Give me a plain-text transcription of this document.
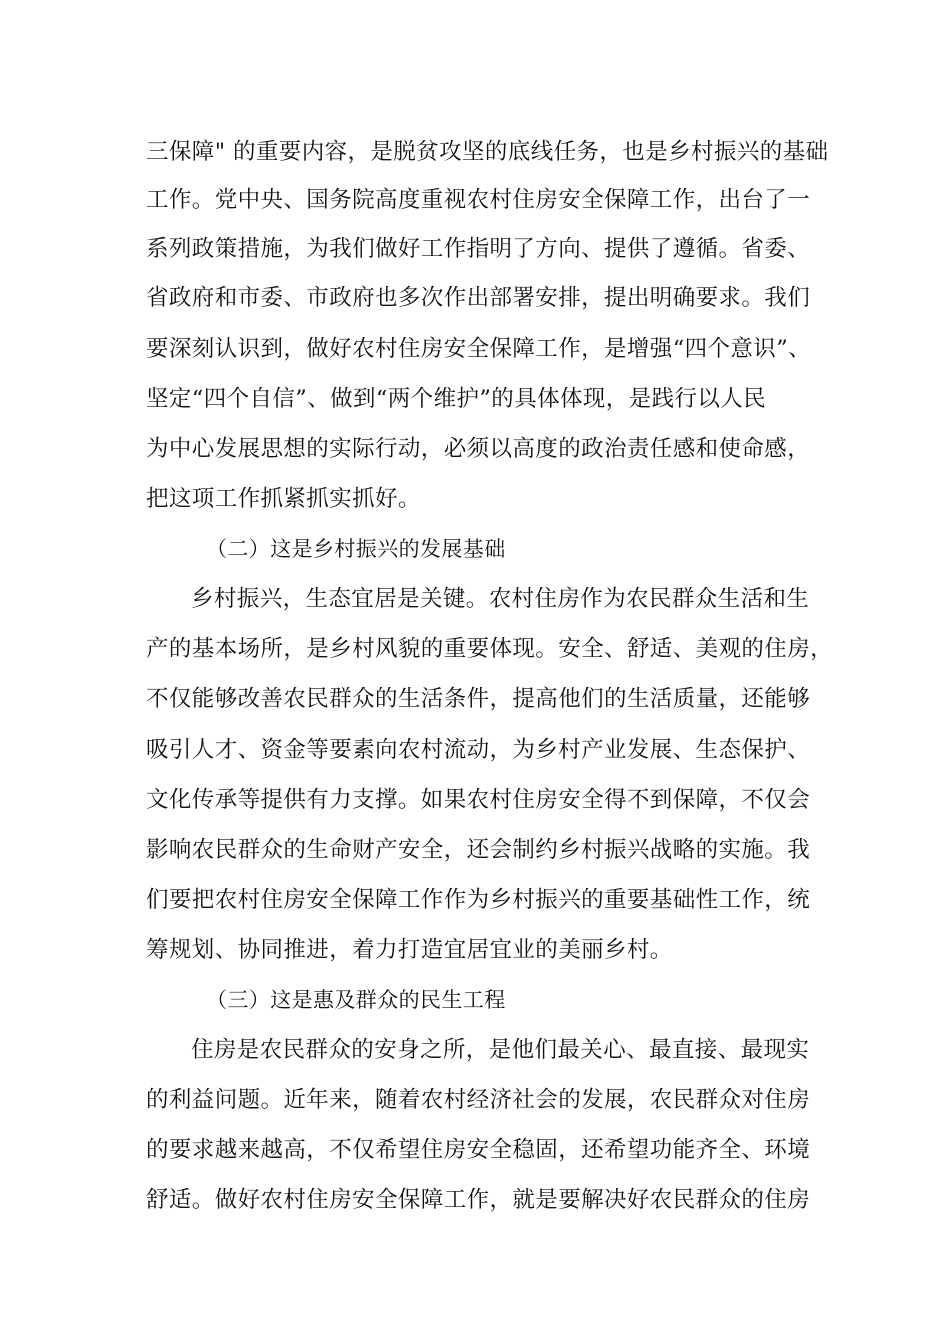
三保障" 的重要内容，是脱贫攻坚的底线任务，也是乡村振兴的基础
工作。党中央、国务院高度重视农村住房安全保障工作，出台了一
系列政策措施，为我们做好工作指明了方向、提供了遵循。省委、
省政府和市委、市政府也多次作出部署安排，提出明确要求。我们
要深刻认识到，做好农村住房安全保障工作，是增强“四个意识”、
坚定“四个自信”、做到“两个维护”的具体体现，是践行以人民
为中心发展思想的实际行动，必须以高度的政治责任感和使命感，
把这项工作抓紧抓实抓好。
（二）这是乡村振兴的发展基础
乡村振兴，生态宜居是关键。农村住房作为农民群众生活和生
产的基本场所，是乡村风貌的重要体现。安全、舒适、美观的住房，
不仅能够改善农民群众的生活条件，提高他们的生活质量，还能够
吸引人才、资金等要素向农村流动，为乡村产业发展、生态保护、
文化传承等提供有力支撑。如果农村住房安全得不到保障，不仅会
影响农民群众的生命财产安全，还会制约乡村振兴战略的实施。我
们要把农村住房安全保障工作作为乡村振兴的重要基础性工作，统
筹规划、协同推进，着力打造宜居宜业的美丽乡村。
（三）这是惠及群众的民生工程
住房是农民群众的安身之所，是他们最关心、最直接、最现实
的利益问题。近年来，随着农村经济社会的发展，农民群众对住房
的要求越来越高，不仅希望住房安全稳固，还希望功能齐全、环境
舒适。做好农村住房安全保障工作，就是要解决好农民群众的住房
